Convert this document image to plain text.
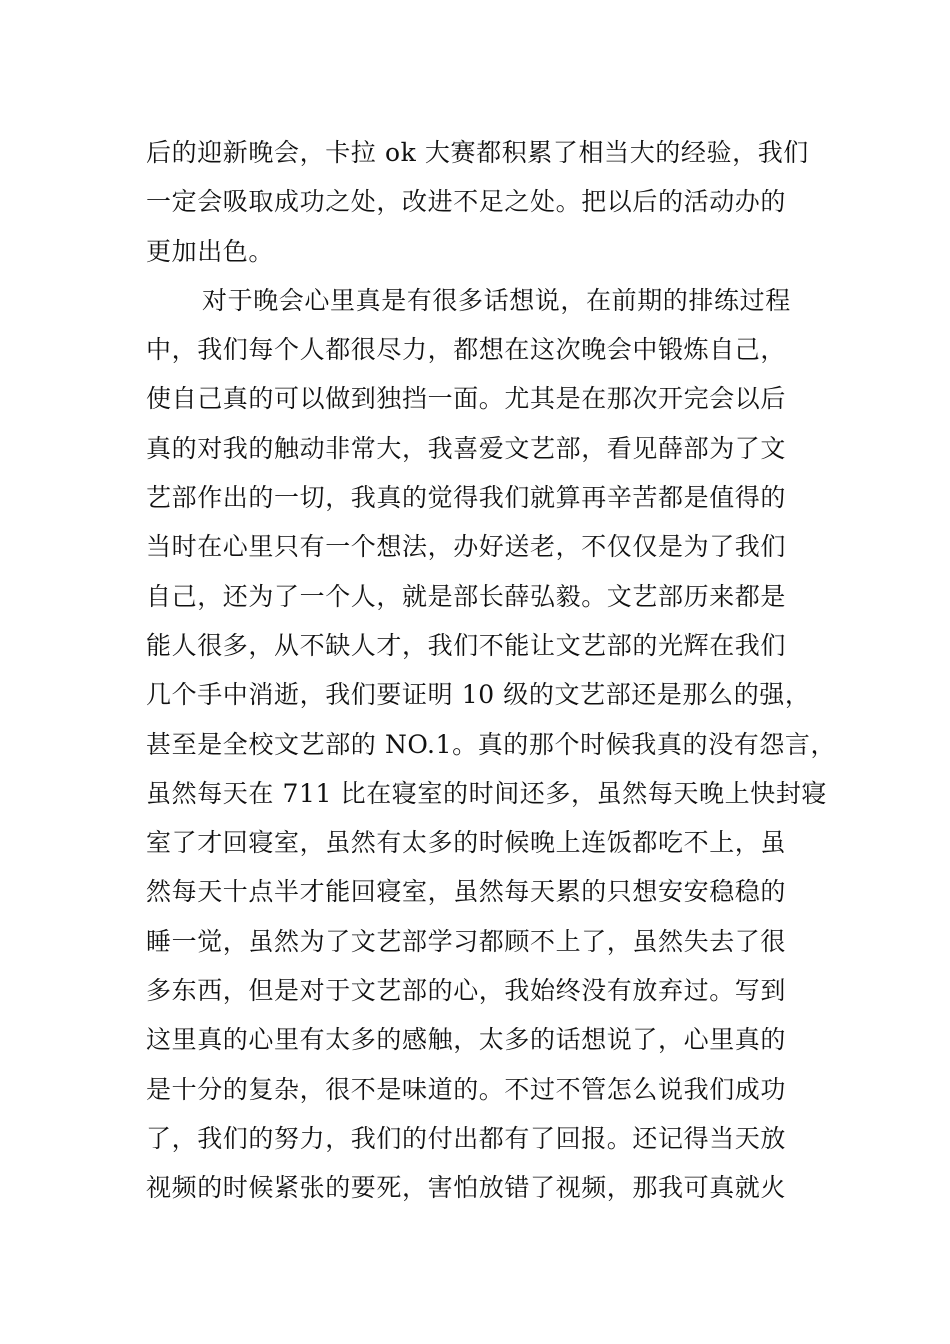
后的迎新晚会，卡拉 ok 大赛都积累了相当大的经验，我们
一定会吸取成功之处，改进不足之处。把以后的活动办的
更加出色。
对于晚会心里真是有很多话想说，在前期的排练过程
中，我们每个人都很尽力，都想在这次晚会中锻炼自己，
使自己真的可以做到独挡一面。尤其是在那次开完会以后
真的对我的触动非常大，我喜爱文艺部，看见薛部为了文
艺部作出的一切，我真的觉得我们就算再辛苦都是值得的
当时在心里只有一个想法，办好送老，不仅仅是为了我们
自己，还为了一个人，就是部长薛弘毅。文艺部历来都是
能人很多，从不缺人才，我们不能让文艺部的光辉在我们
几个手中消逝，我们要证明 10 级的文艺部还是那么的强，
甚至是全校文艺部的 NO.1。真的那个时候我真的没有怨言，
虽然每天在 711 比在寝室的时间还多，虽然每天晚上快封寝
室了才回寝室，虽然有太多的时候晚上连饭都吃不上，虽
然每天十点半才能回寝室，虽然每天累的只想安安稳稳的
睡一觉，虽然为了文艺部学习都顾不上了，虽然失去了很
多东西，但是对于文艺部的心，我始终没有放弃过。写到
这里真的心里有太多的感触，太多的话想说了，心里真的
是十分的复杂，很不是味道的。不过不管怎么说我们成功
了，我们的努力，我们的付出都有了回报。还记得当天放
视频的时候紧张的要死，害怕放错了视频，那我可真就火
